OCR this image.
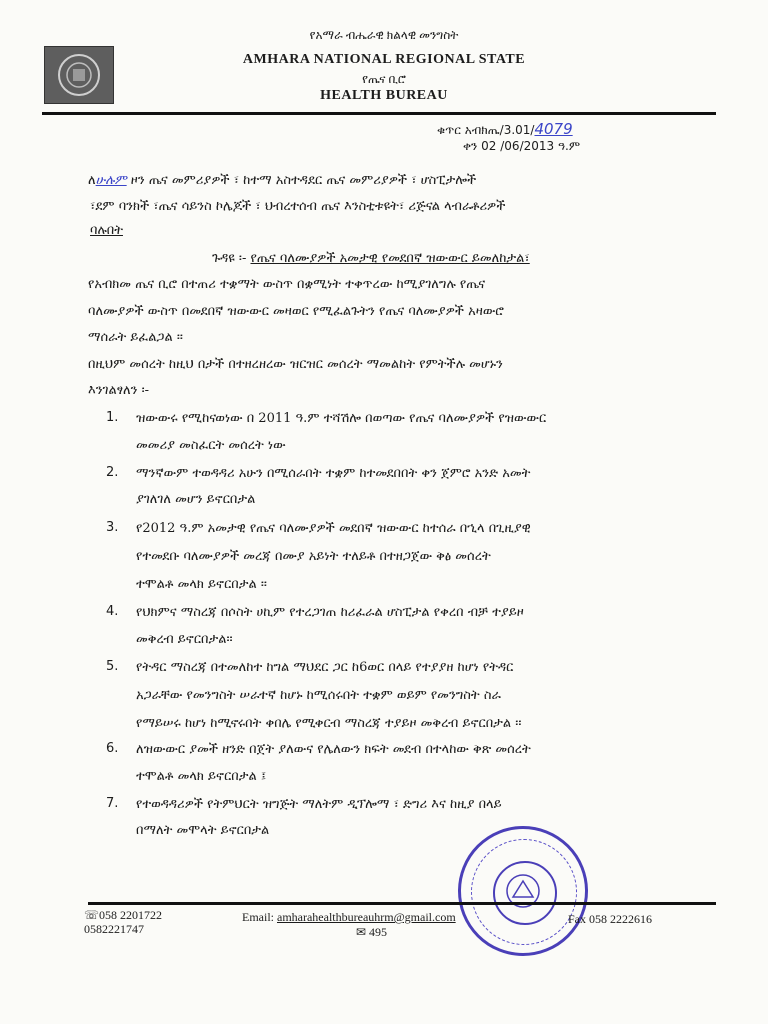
የአማራ ብሔራዊ ክልላዊ መንግስት
AMHARA NATIONAL REGIONAL STATE
የጤና ቢሮ
HEALTH BUREAU
ቁጥር አብክጤ/3.01/4079
ቀን 02 /06/2013 ዓ.ም
ለሁሉም ዞን ጤና መምሪያዎች ፣ ከተማ አስተዳደር ጤና መምሪያዎች ፣ ሆስፒታሎች
፣ደም ባንክች ፣ጤና ሳይንስ ኮሌጆች ፣ ህብረተሰብ ጤና እንስቲቱዩት፣ ሪጅናል ላብራቶሪዎች
ባሉበት
ጉዳዩ ፡- የጤና ባለሙያዎች አመታዊ የመደበኛ ዝውውር ይመለከታል፣
የአብክመ ጤና ቢሮ በተጠሪ ተቋማት ውስጥ በቋሚነት ተቀጥረው ከሚያገለግሉ የጤና
ባለሙያዎች ውስጥ በመደበኛ ዝውውር መዛወር የሚፈልጉትን የጤና ባለሙያዎች አዛውሮ
ማሰራት ይፈልጋል ፡፡
በዚህም መሰረት ከዚህ በታች በተዘረዘረው ዝርዝር መሰረት ማመልከት የምትችሉ መሆኑን
እንገልፃለን ፡-
1. ዝውውሩ የሚከናወነው በ 2011 ዓ.ም ተሻሽሎ በወጣው የጤና ባለሙያዎች የዝውውር
መመሪያ መስፈርት መሰረት ነው
2. ማንኛውም ተወዳዳሪ አሁን በሚሰራበት ተቋም ከተመደበበት ቀን ጀምሮ አንድ አመት
ያገለገለ መሆን ይኖርበታል
3. የ2012 ዓ.ም አመታዊ የጤና ባለሙያዎች መደበኛ ዝውውር ከተሰራ በኂላ በጊዚያዊ
የተመደቡ ባለሙያዎች መረጃ በሙያ አይነት ተለይቶ በተዘጋጀው ቅፅ መሰረት
ተሞልቶ መላክ ይኖርበታል ፡፡
4. የህክምና ማስረጃ በሶስት ሀኪም የተረጋገጠ ከሪፈራል ሆስፒታል የቀረበ ብቻ ተያይዞ
መቅረብ ይኖርበታል።
5. የትዳር ማስረጃ በተመለከተ ከግል ማህደር ጋር ከ6ወር በላይ የተያያዘ ከሆነ የትዳር
አጋራቸው የመንግስት ሠራተኛ ከሆኑ ከሚሰሩበት ተቋም ወይም የመንግስት ስራ
የማይሠሩ ከሆነ ከሚኖሩበት ቀበሌ የሚቀርብ ማስረጃ ተያይዞ መቅረብ ይኖርበታል ፡፡
6. ለዝውውር ያመች ዘንድ በጀት ያለውና የሌለውን ክፍት መደብ በተላከው ቅጽ መሰረት
ተሞልቶ መላክ ይኖርበታል ፤
7. የተወዳዳሪዎች የትምህርት ዝግጅት ማለትም ዲፕሎማ ፣ ድግሪ እና ከዚያ በላይ
በማለት መሞላት ይኖርበታል
☏058 2201722
0582221747
Email: amharahealthbureauhrm@gmail.com
✉ 495
Fax 058 2222616
